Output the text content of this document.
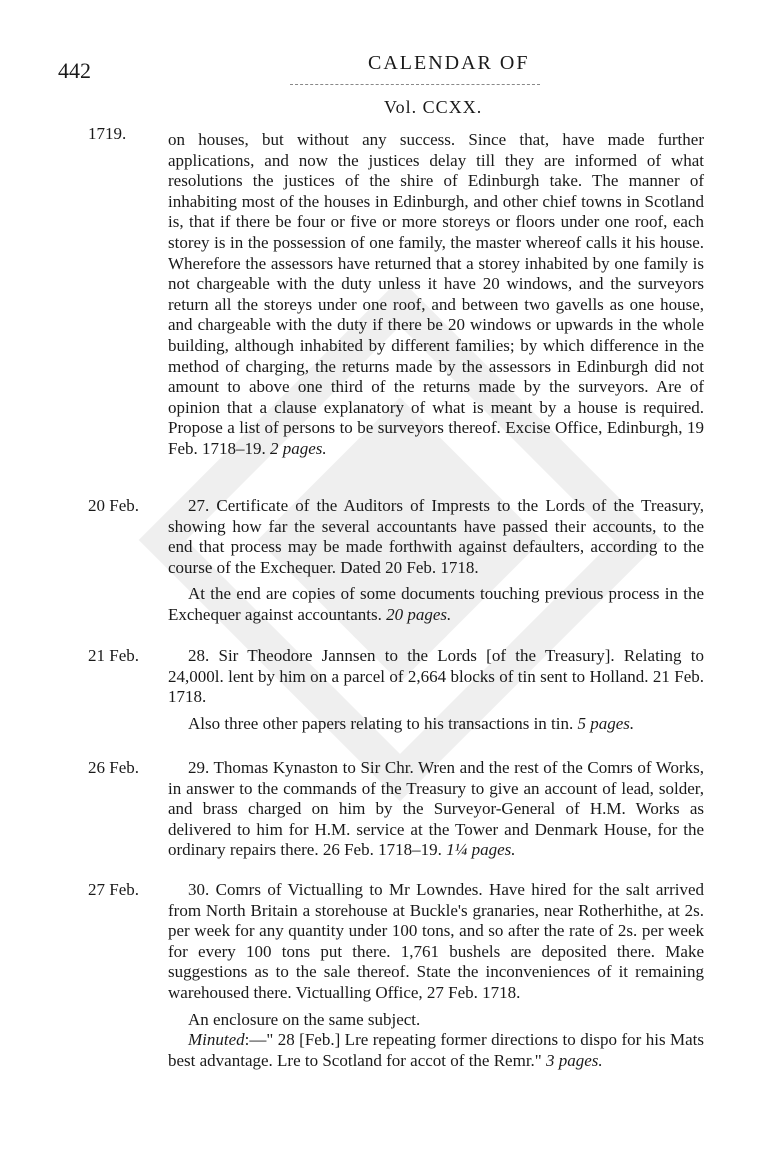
442	CALENDAR OF
Vol. CCXX.
1719. on houses, but without any success. Since that, have made further applications, and now the justices delay till they are informed of what resolutions the justices of the shire of Edinburgh take. The manner of inhabiting most of the houses in Edinburgh, and other chief towns in Scotland is, that if there be four or five or more storeys or floors under one roof, each storey is in the possession of one family, the master whereof calls it his house. Wherefore the assessors have returned that a storey inhabited by one family is not chargeable with the duty unless it have 20 windows, and the surveyors return all the storeys under one roof, and between two gavells as one house, and chargeable with the duty if there be 20 windows or upwards in the whole building, although inhabited by different families; by which difference in the method of charging, the returns made by the assessors in Edinburgh did not amount to above one third of the returns made by the surveyors. Are of opinion that a clause explanatory of what is meant by a house is required. Propose a list of persons to be surveyors thereof. Excise Office, Edinburgh, 19 Feb. 1718–19. 2 pages.

20 Feb.	27. Certificate of the Auditors of Imprests to the Lords of the Treasury, showing how far the several accountants have passed their accounts, to the end that process may be made forthwith against defaulters, according to the course of the Exchequer. Dated 20 Feb. 1718.

At the end are copies of some documents touching previous process in the Exchequer against accountants. 20 pages.

21 Feb.	28. Sir Theodore Jannsen to the Lords [of the Treasury]. Relating to 24,000l. lent by him on a parcel of 2,664 blocks of tin sent to Holland. 21 Feb. 1718.

Also three other papers relating to his transactions in tin. 5 pages.

26 Feb.	29. Thomas Kynaston to Sir Chr. Wren and the rest of the Comrs of Works, in answer to the commands of the Treasury to give an account of lead, solder, and brass charged on him by the Surveyor-General of H.M. Works as delivered to him for H.M. service at the Tower and Denmark House, for the ordinary repairs there. 26 Feb. 1718–19. 1¼ pages.

27 Feb.	30. Comrs of Victualling to Mr Lowndes. Have hired for the salt arrived from North Britain a storehouse at Buckle's granaries, near Rotherhithe, at 2s. per week for any quantity under 100 tons, and so after the rate of 2s. per week for every 100 tons put there. 1,761 bushels are deposited there. Make suggestions as to the sale thereof. State the inconveniences of it remaining warehoused there. Victualling Office, 27 Feb. 1718.

An enclosure on the same subject.

Minuted:—" 28 [Feb.] Lre repeating former directions to dispo for his Mats best advantage. Lre to Scotland for accot of the Remr." 3 pages.
